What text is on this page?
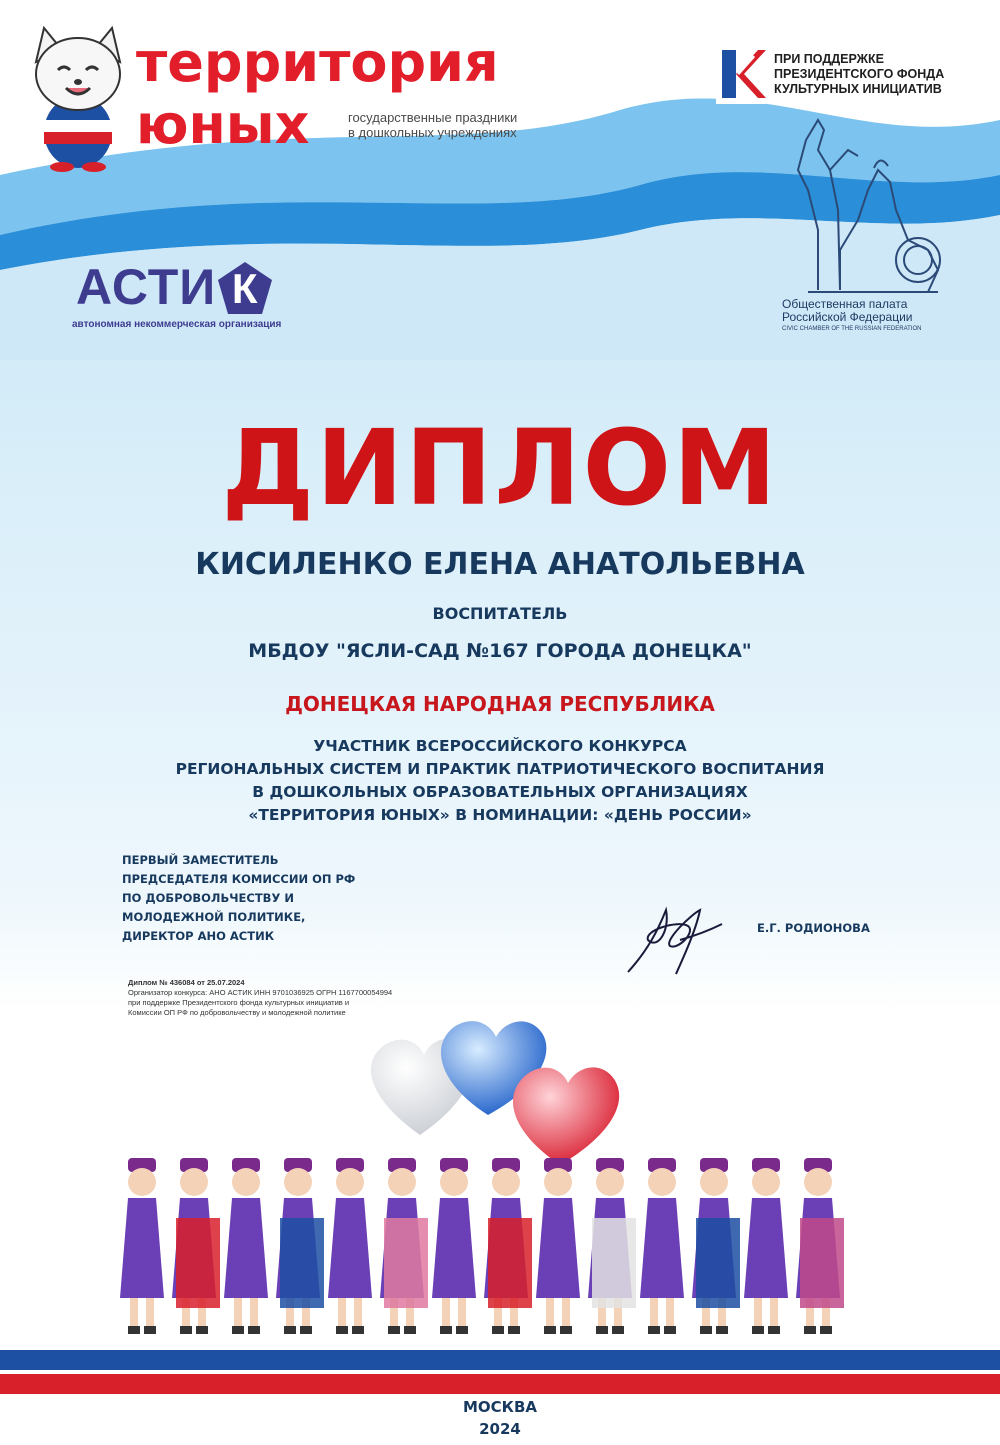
территория
юных	государственные праздники
в дошкольных учреждениях
ПРИ ПОДДЕРЖКЕ
ПРЕЗИДЕНТСКОГО ФОНДА
КУЛЬТУРНЫХ ИНИЦИАТИВ
АСТИ К
автономная некоммерческая организация
Общественная палата
Российской Федерации
CIVIC CHAMBER OF THE RUSSIAN FEDERATION
ДИПЛОМ
КИСИЛЕНКО ЕЛЕНА АНАТОЛЬЕВНА
ВОСПИТАТЕЛЬ
МБДОУ "ЯСЛИ-САД №167 ГОРОДА ДОНЕЦКА"
ДОНЕЦКАЯ НАРОДНАЯ РЕСПУБЛИКА
УЧАСТНИК ВСЕРОССИЙСКОГО КОНКУРСА
РЕГИОНАЛЬНЫХ СИСТЕМ И ПРАКТИК ПАТРИОТИЧЕСКОГО ВОСПИТАНИЯ
В ДОШКОЛЬНЫХ ОБРАЗОВАТЕЛЬНЫХ ОРГАНИЗАЦИЯХ
«ТЕРРИТОРИЯ ЮНЫХ» В НОМИНАЦИИ: «ДЕНЬ РОССИИ»
ПЕРВЫЙ ЗАМЕСТИТЕЛЬ
ПРЕДСЕДАТЕЛЯ КОМИССИИ ОП РФ
ПО ДОБРОВОЛЬЧЕСТВУ И
МОЛОДЕЖНОЙ ПОЛИТИКЕ,
ДИРЕКТОР АНО АСТИК
Е.Г. РОДИОНОВА
Диплом № 436084 от 25.07.2024
Организатор конкурса: АНО АСТИК ИНН 9701036925 ОГРН 1167700054994
при поддержке Президентского фонда культурных инициатив и
Комиссии ОП РФ по добровольчеству и молодежной политике
МОСКВА
2024
